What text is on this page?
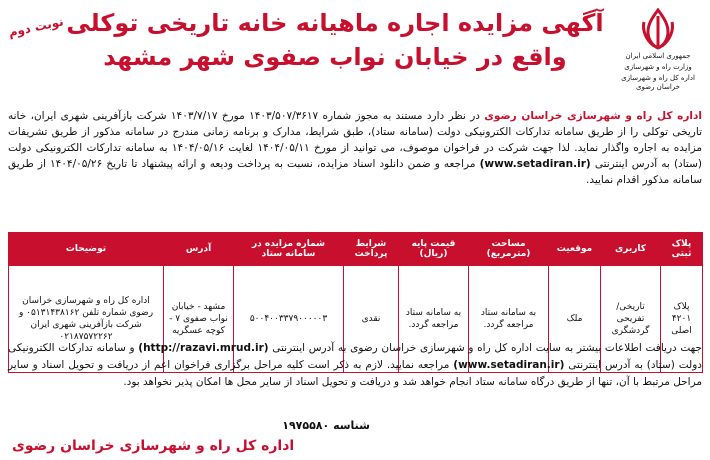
جمهوری اسلامی ایران
وزارت راه و شهرسازی
اداره کل راه و شهرسازی خراسان رضوی
نوبت دوم آگهی مزایده اجاره ماهیانه خانه تاریخی توکلی
واقع در خیابان نواب صفوی شهر مشهد
اداره کل راه و شهرسازی خراسان رضوی در نظر دارد مستند به مجوز شماره ۱۴۰۳/۵۰۷/۳۶۱۷ مورخ ۱۴۰۳/۷/۱۷ شرکت بازآفرینی شهری ایران، خانه تاریخی توکلی را از طریق سامانه تدارکات الکترونیکی دولت (سامانه ستاد)، طبق شرایط، مدارک و برنامه زمانی مندرج در سامانه مذکور از طریق تشریفات مزایده به اجاره واگذار نماید. لذا جهت شرکت در فراخوان موصوف، می توانید از مورخ ۱۴۰۴/۰۵/۱۱ لغایت ۱۴۰۴/۰۵/۱۶ به سامانه تدارکات الکترونیکی دولت (ستاد) به آدرس اینترنتی (www.setadiran.ir) مراجعه و ضمن دانلود اسناد مزایده، نسبت به پرداخت ودیعه و ارائه پیشنهاد تا تاریخ ۱۴۰۴/۰۵/۲۶ از طریق سامانه مذکور اقدام نمایید.
پلاک ثبتی	کاربری	موقعیت	مساحت (مترمربع)	قیمت پایه (ریال)	شرایط پرداخت	شماره مزایده در سامانه ستاد	آدرس	توضیحات
پلاک ۴۲۰۱ اصلی	تاریخی/ تفریحی گردشگری	ملک	به سامانه ستاد مراجعه گردد.	به سامانه ستاد مراجعه گردد.	نقدی	۵۰۰۴۰۰۳۳۷۹۰۰۰۰۰۳	مشهد - خیابان نواب صفوی ۷ - کوچه عسگریه	اداره کل راه و شهرسازی خراسان رضوی شماره تلفن ۰۵۱۳۱۴۳۸۱۶۲ و شرکت بازآفرینی شهری ایران ۰۲۱۸۷۵۷۲۲۶۲
جهت دریافت اطلاعات بیشتر به سایت اداره کل راه و شهرسازی خراسان رضوی به آدرس اینترنتی (http://razavi.mrud.ir) و سامانه تدارکات الکترونیکی دولت (ستاد) به آدرس اینترنتی (www.setadiran.ir) مراجعه نمایید. لازم به ذکر است کلیه مراحل برگزاری فراخوان اعم از دریافت و تحویل اسناد و سایر مراحل مرتبط با آن، تنها از طریق درگاه سامانه ستاد انجام خواهد شد و دریافت و تحویل اسناد از سایر محل ها امکان پذیر نخواهد بود.
شناسه ۱۹۷۵۵۸۰
اداره کل راه و شهرسازی خراسان رضوی
